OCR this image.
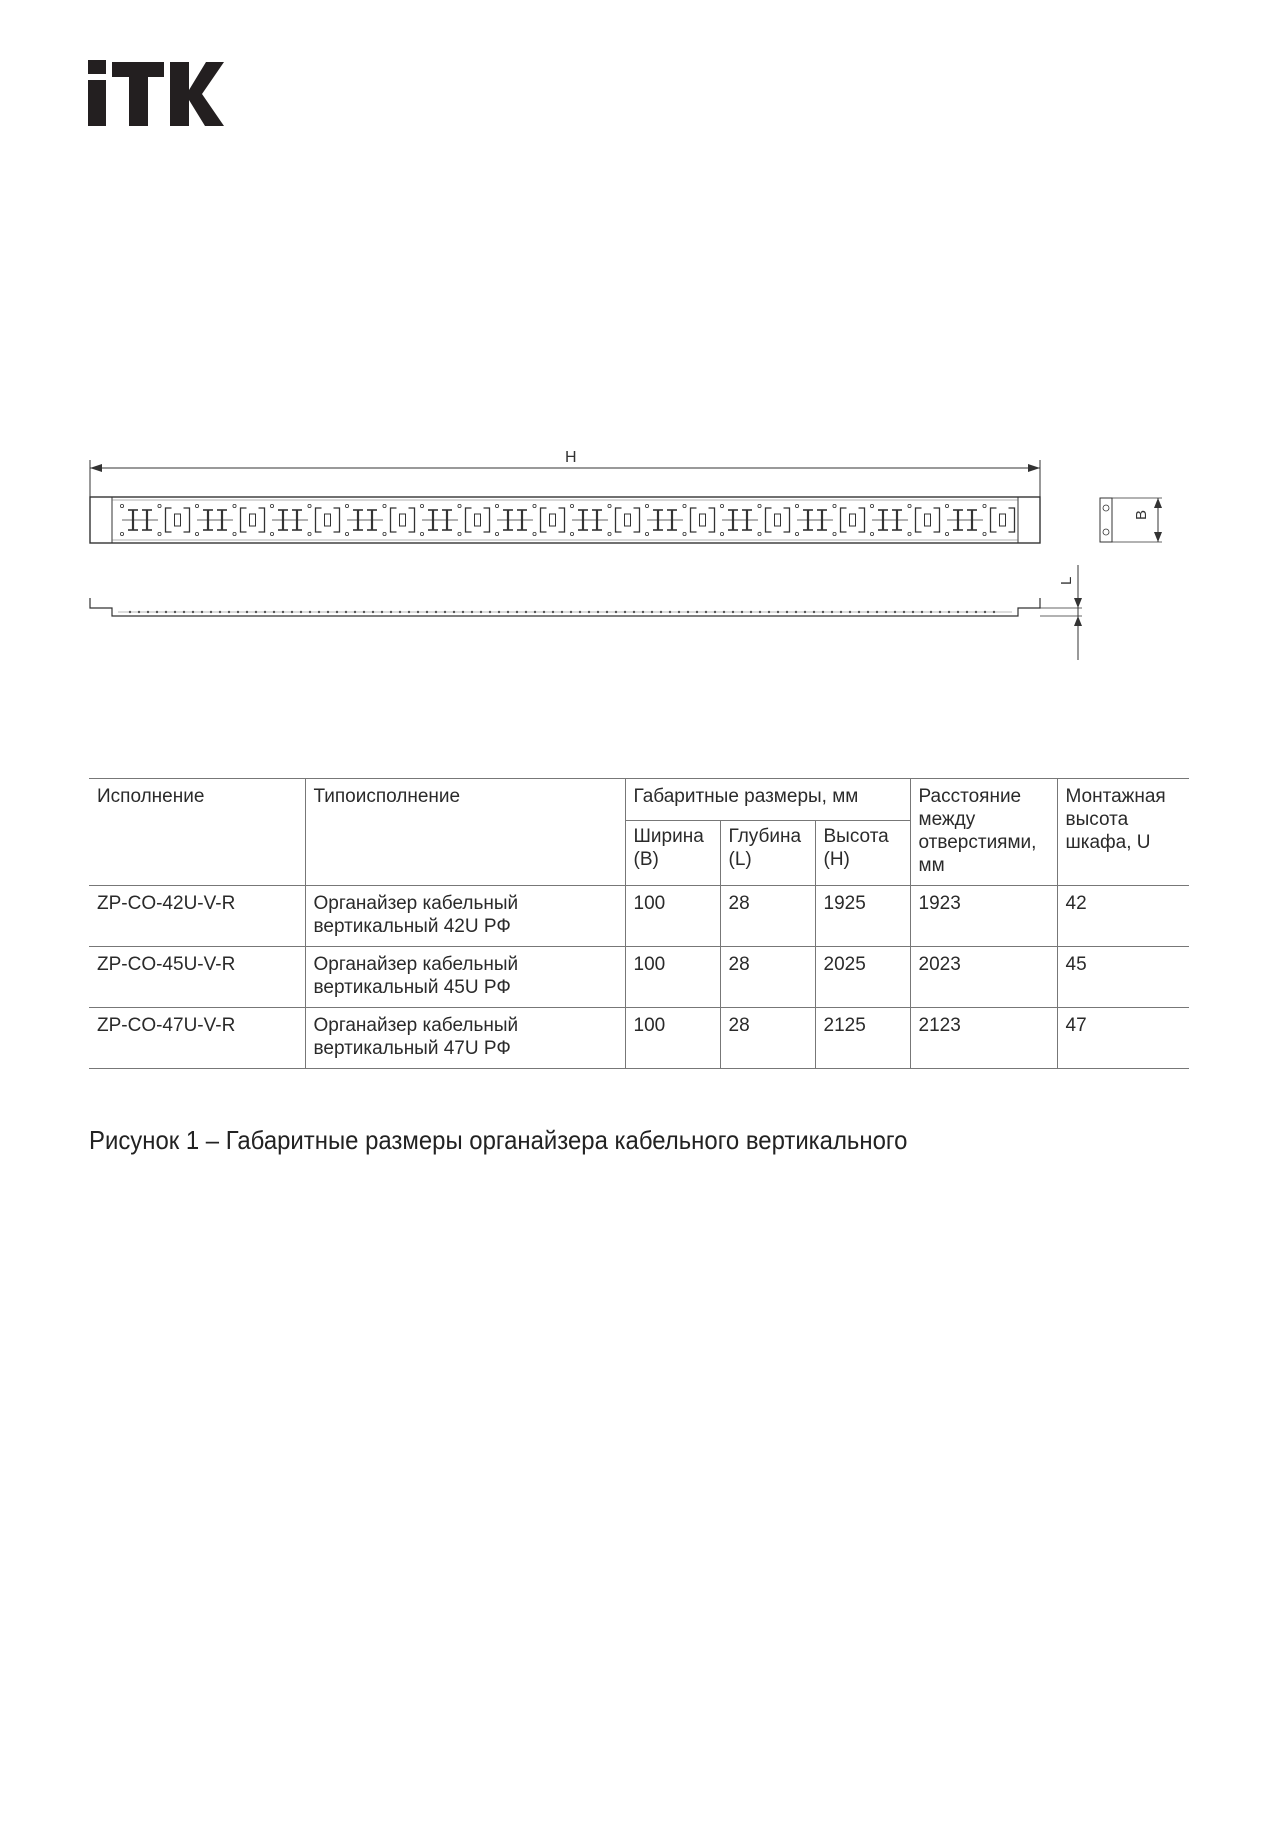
H
B
L
Исполнение	Типоисполнение	Габаритные размеры, мм			Расстояние между отверстиями, мм	Монтажная высота шкафа, U
		Ширина (B)	Глубина (L)	Высота (H)		
ZP-CO-42U-V-R	Органайзер кабельный вертикальный 42U РФ	100	28	1925	1923	42
ZP-CO-45U-V-R	Органайзер кабельный вертикальный 45U РФ	100	28	2025	2023	45
ZP-CO-47U-V-R	Органайзер кабельный вертикальный 47U РФ	100	28	2125	2123	47
Рисунок 1 – Габаритные размеры органайзера кабельного вертикального
